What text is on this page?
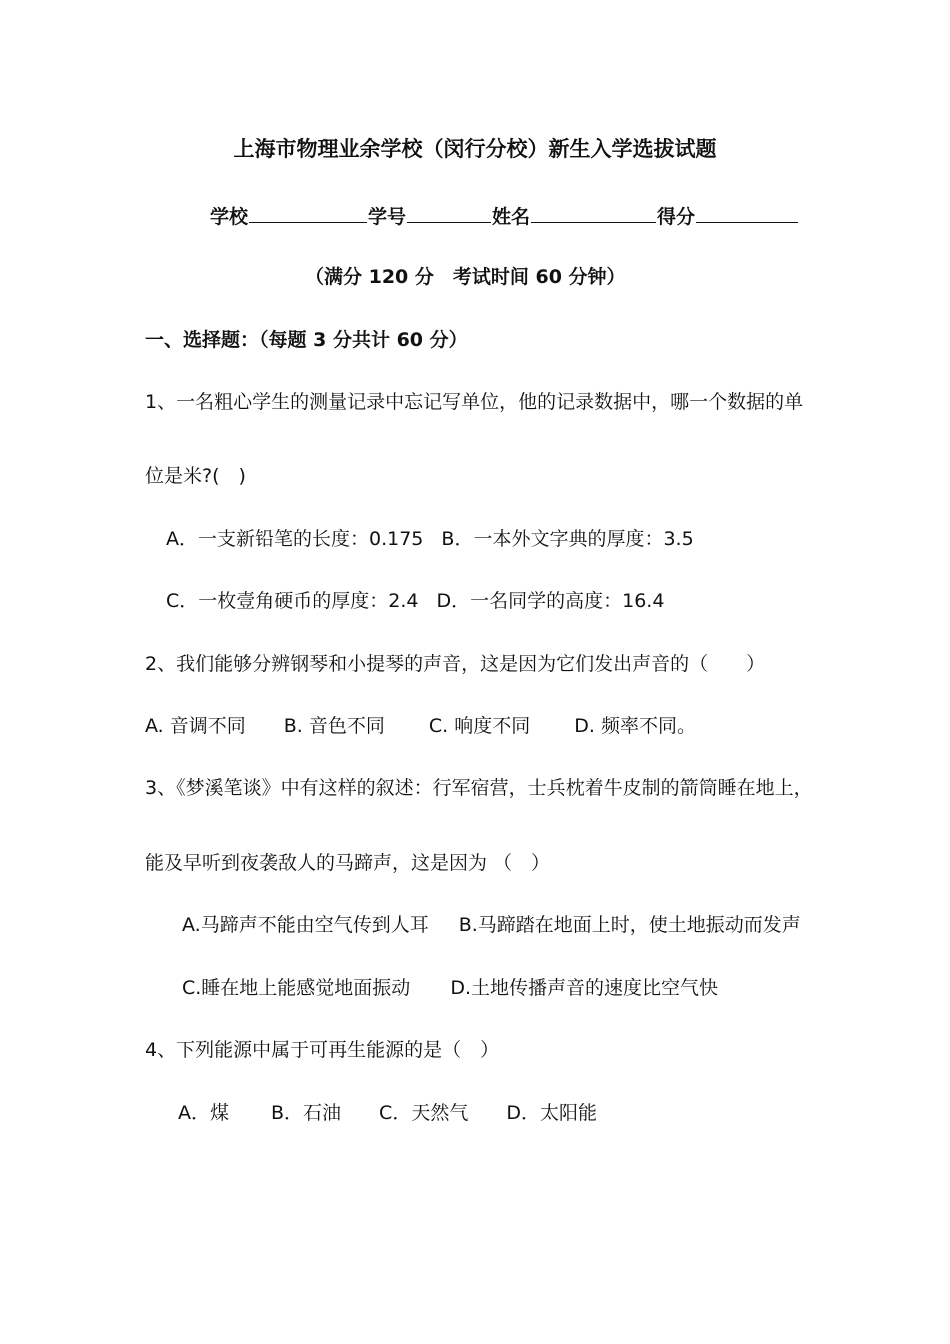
上海市物理业余学校（闵行分校）新生入学选拔试题
学校	学号	姓名	得分
（满分 120 分　考试时间 60 分钟）
一、选择题：（每题 3 分共计 60 分）
1、一名粗心学生的测量记录中忘记写单位，他的记录数据中，哪一个数据的单
位是米?(　)
A．一支新铅笔的长度：0.175 B．一本外文字典的厚度：3.5
C．一枚壹角硬币的厚度：2.4 D．一名同学的高度：16.4
2、我们能够分辨钢琴和小提琴的声音，这是因为它们发出声音的（　　）
A. 音调不同 B. 音色不同 C. 响度不同 D. 频率不同。
3、《梦溪笔谈》中有这样的叙述：行军宿营，士兵枕着牛皮制的箭筒睡在地上，
能及早听到夜袭敌人的马蹄声，这是因为 （　）
A.马蹄声不能由空气传到人耳 B.马蹄踏在地面上时，使土地振动而发声
C.睡在地上能感觉地面振动 D.土地传播声音的速度比空气快
4、下列能源中属于可再生能源的是（　）
A．煤 B．石油 C．天然气 D．太阳能
